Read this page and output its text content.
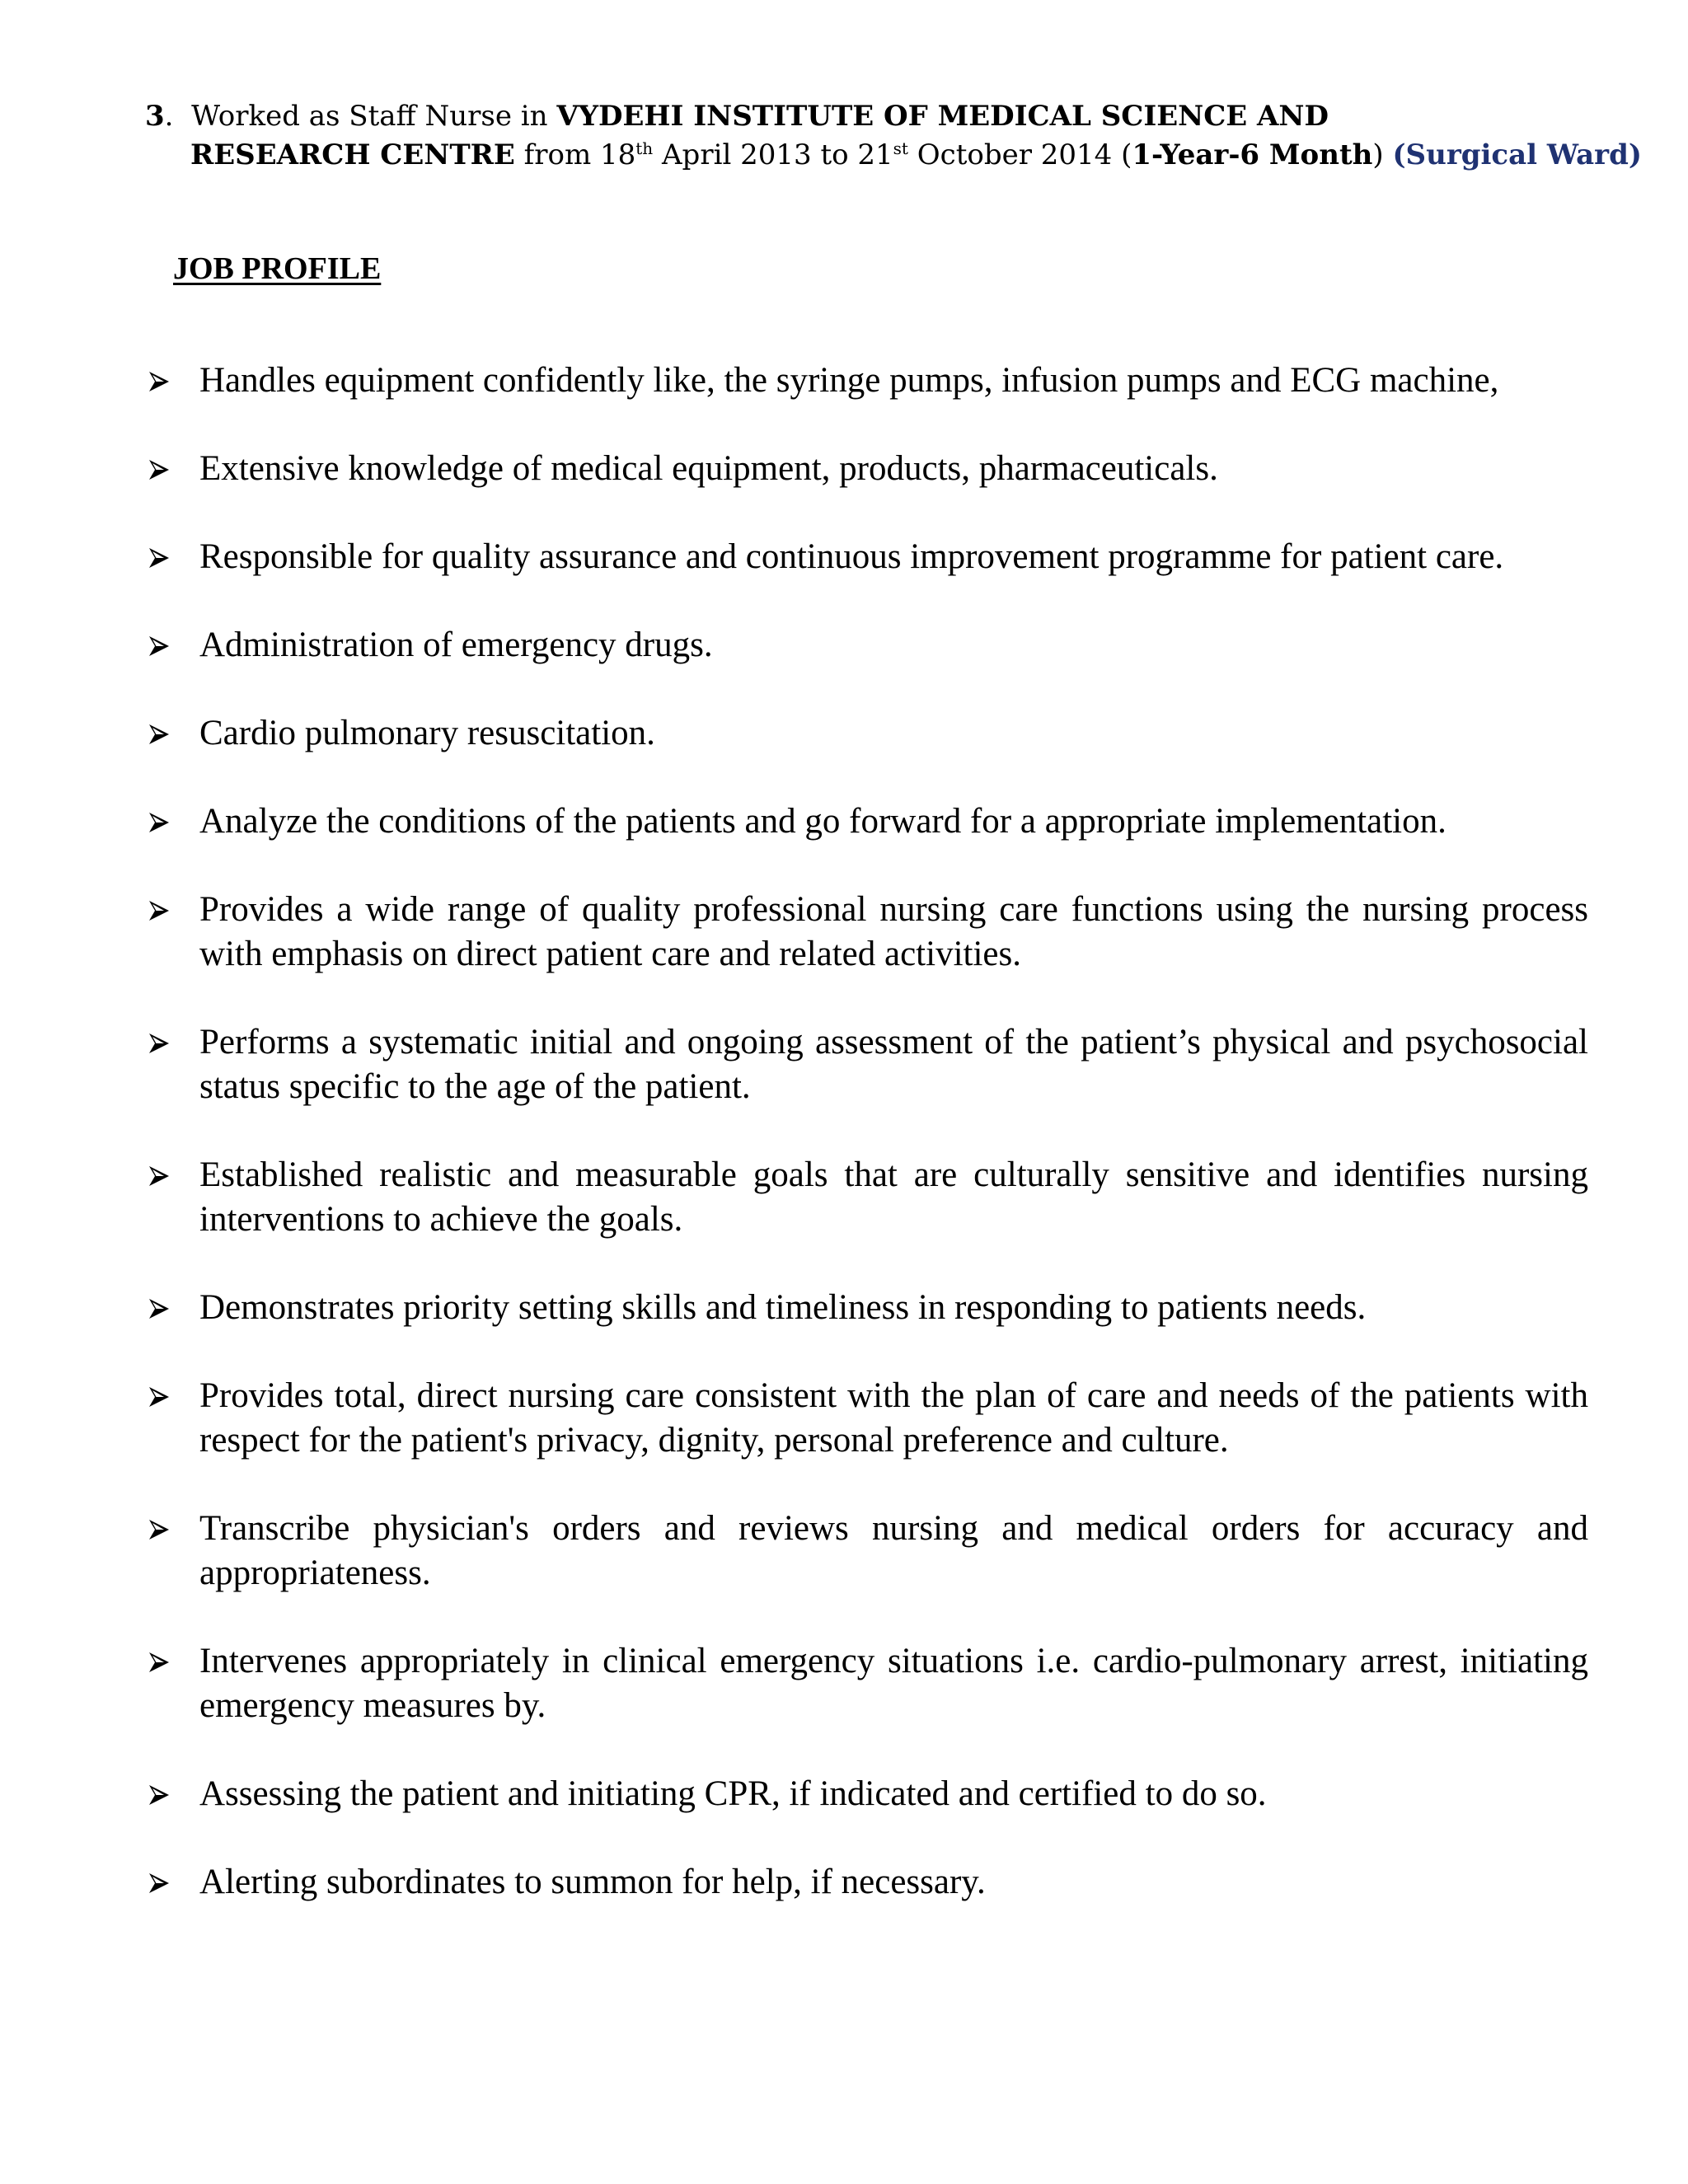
3.  Worked as Staff Nurse in VYDEHI INSTITUTE OF MEDICAL SCIENCE AND
RESEARCH CENTRE from 18th April 2013 to 21st October 2014 (1-Year-6 Month) (Surgical Ward)
JOB PROFILE
Handles equipment confidently like, the syringe pumps, infusion pumps and ECG machine,
Extensive knowledge of medical equipment, products, pharmaceuticals.
Responsible for quality assurance and continuous improvement programme for patient care.
Administration of emergency drugs.
Cardio pulmonary resuscitation.
Analyze the conditions of the patients and go forward for a appropriate implementation.
Provides a wide range of quality professional nursing care functions using the nursing process with emphasis on direct patient care and related activities.
Performs a systematic initial and ongoing assessment of the patient’s physical and psychosocial status specific to the age of the patient.
Established realistic and measurable goals that are culturally sensitive and identifies nursing interventions to achieve the goals.
Demonstrates priority setting skills and timeliness in responding to patients needs.
Provides total, direct nursing care consistent with the plan of care and needs of the patients with respect for the patient's privacy, dignity, personal preference and culture.
Transcribe physician's orders and reviews nursing and medical orders for accuracy and appropriateness.
Intervenes appropriately in clinical emergency situations i.e. cardio-pulmonary arrest, initiating emergency measures by.
Assessing the patient and initiating CPR, if indicated and certified to do so.
Alerting subordinates to summon for help, if necessary.
